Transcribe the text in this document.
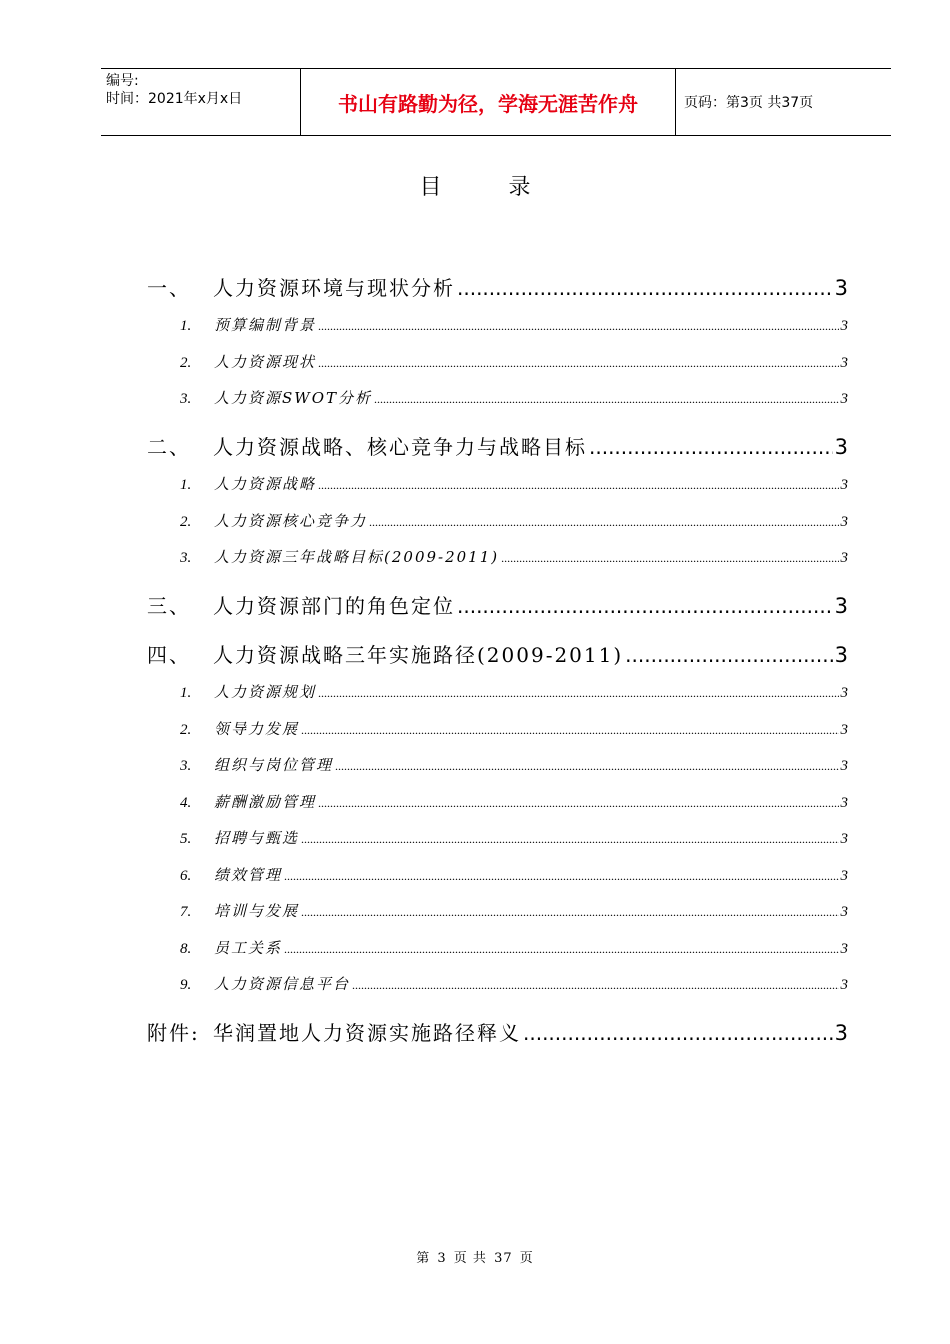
编号:
时间：2021年x月x日	书山有路勤为径，学海无涯苦作舟	页码：第3页 共37页
目 录
一、	人力资源环境与现状分析 .....	3
1.	预算编制背景 .....	3
2.	人力资源现状 .....	3
3.	人力资源SWOT分析 .....	3
二、	人力资源战略、核心竞争力与战略目标 .....	3
1.	人力资源战略 .....	3
2.	人力资源核心竞争力 .....	3
3.	人力资源三年战略目标(2009-2011) .....	3
三、	人力资源部门的角色定位 .....	3
四、	人力资源战略三年实施路径(2009-2011) .....	3
1.	人力资源规划 .....	3
2.	领导力发展 .....	3
3.	组织与岗位管理 .....	3
4.	薪酬激励管理 .....	3
5.	招聘与甄选 .....	3
6.	绩效管理 .....	3
7.	培训与发展 .....	3
8.	员工关系 .....	3
9.	人力资源信息平台 .....	3
附件: 华润置地人力资源实施路径释义 .....	3
第 3 页 共 37 页
